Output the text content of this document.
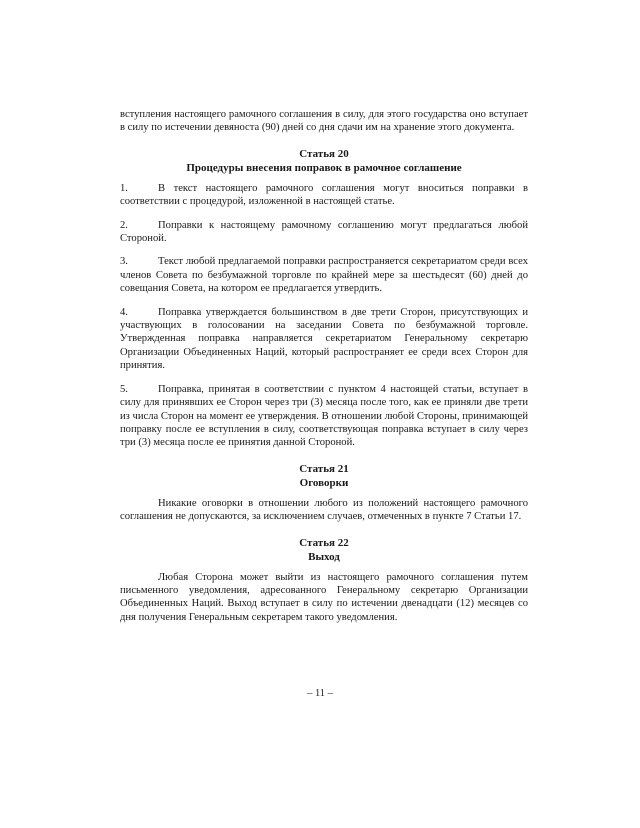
вступления настоящего рамочного соглашения в силу, для этого государства оно вступает в силу по истечении девяноста (90) дней со дня сдачи им на хранение этого документа.

Статья 20
Процедуры внесения поправок в рамочное соглашение

1.	В текст настоящего рамочного соглашения могут вноситься поправки в соответствии с процедурой, изложенной в настоящей статье.

2.	Поправки к настоящему рамочному соглашению могут предлагаться любой Стороной.

3.	Текст любой предлагаемой поправки распространяется секретариатом среди всех членов Совета по безбумажной торговле по крайней мере за шестьдесят (60) дней до совещания Совета, на котором ее предлагается утвердить.

4.	Поправка утверждается большинством в две трети Сторон, присутствующих и участвующих в голосовании на заседании Совета по безбумажной торговле. Утвержденная поправка направляется секретариатом Генеральному секретарю Организации Объединенных Наций, который распространяет ее среди всех Сторон для принятия.

5.	Поправка, принятая в соответствии с пунктом 4 настоящей статьи, вступает в силу для принявших ее Сторон через три (3) месяца после того, как ее приняли две трети из числа Сторон на момент ее утверждения. В отношении любой Стороны, принимающей поправку после ее вступления в силу, соответствующая поправка вступает в силу через три (3) месяца после ее принятия данной Стороной.

Статья 21
Оговорки

Никакие оговорки в отношении любого из положений настоящего рамочного соглашения не допускаются, за исключением случаев, отмеченных в пункте 7 Статьи 17.

Статья 22
Выход

Любая Сторона может выйти из настоящего рамочного соглашения путем письменного уведомления, адресованного Генеральному секретарю Организации Объединенных Наций. Выход вступает в силу по истечении двенадцати (12) месяцев со дня получения Генеральным секретарем такого уведомления.

– 11 –
